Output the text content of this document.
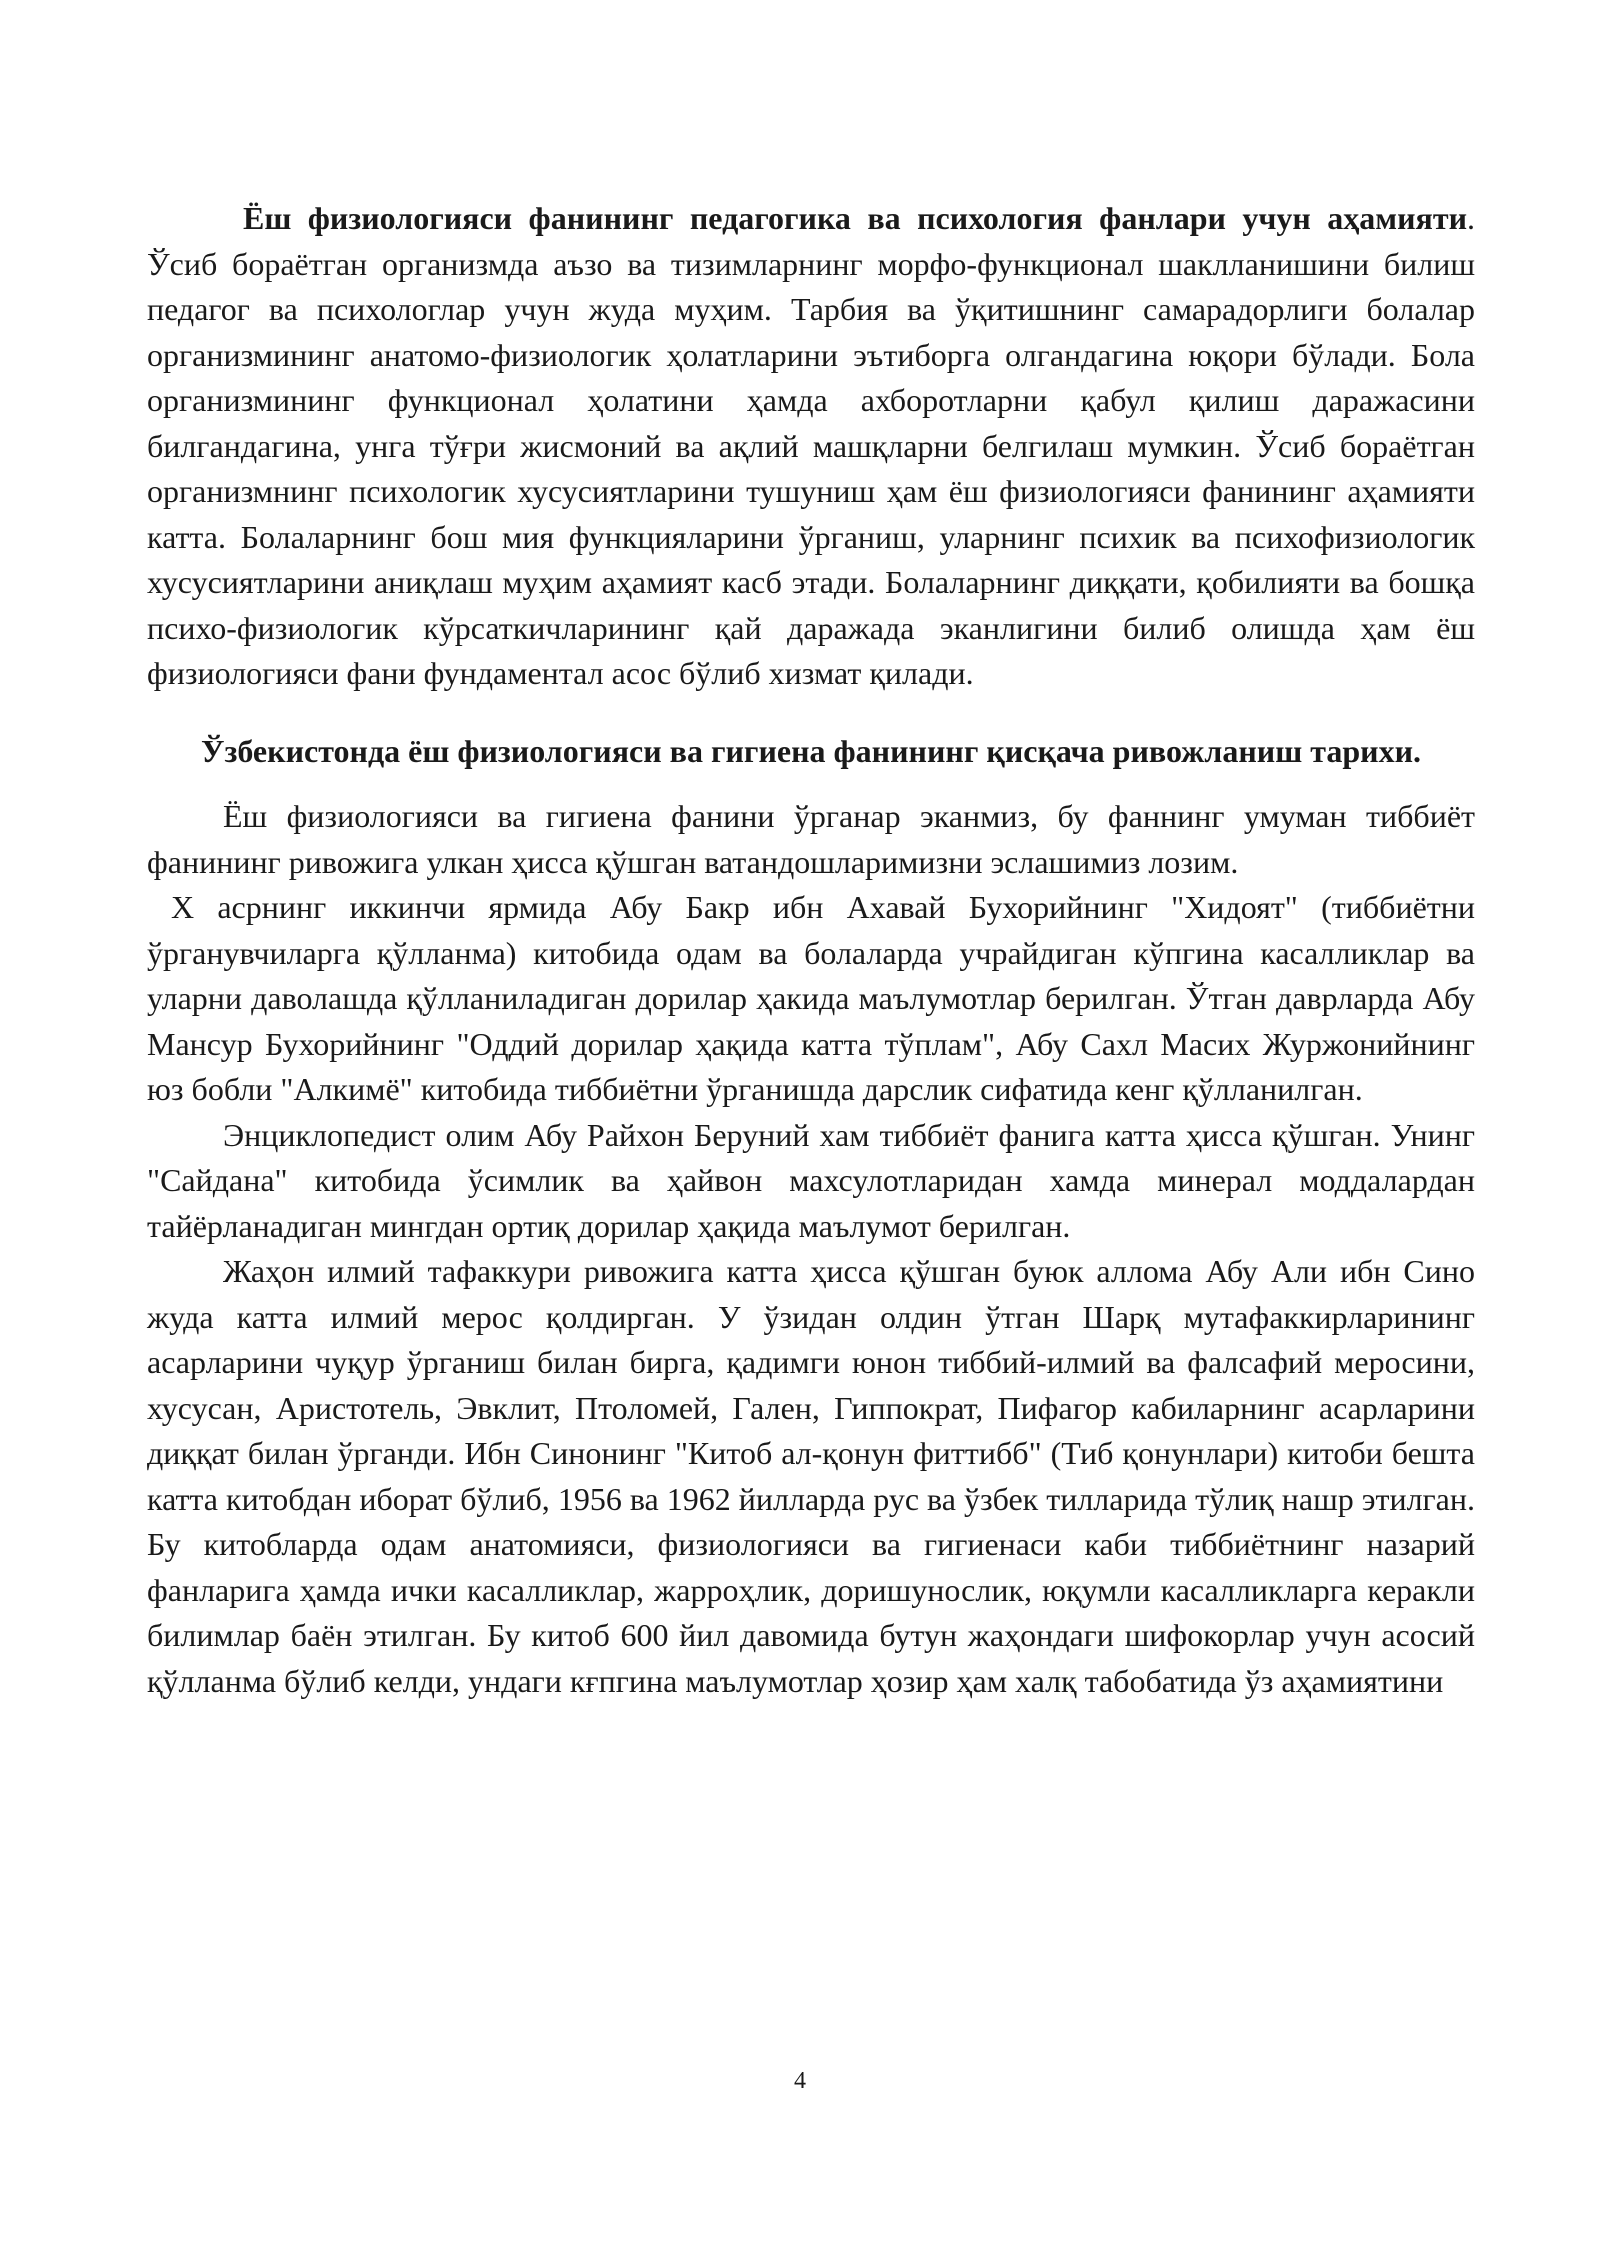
Ёш физиологияси фанининг педагогика ва психология фанлари учун аҳамияти. Ўсиб бораётган организмда аъзо ва тизимларнинг морфо-функционал шаклланишини билиш педагог ва психологлар учун жуда муҳим. Тарбия ва ўқитишнинг самарадорлиги болалар организмининг анатомо-физиологик ҳолатларини эътиборга олгандагина юқори бўлади. Бола организмининг функционал ҳолатини ҳамда ахборотларни қабул қилиш даражасини билгандагина, унга тўғри жисмоний ва ақлий машқларни белгилаш мумкин. Ўсиб бораётган организмнинг психологик хусусиятларини тушуниш ҳам ёш физиологияси фанининг аҳамияти катта. Болаларнинг бош мия функцияларини ўрганиш, уларнинг психик ва психофизиологик хусусиятларини аниқлаш муҳим аҳамият касб этади. Болаларнинг диққати, қобилияти ва бошқа психо-физиологик кўрсаткичларининг қай даражада эканлигини билиб олишда ҳам ёш физиологияси фани фундаментал асос бўлиб хизмат қилади.

Ўзбекистонда ёш физиологияси ва гигиена фанининг қисқача ривожланиш тарихи.

Ёш физиологияси ва гигиена фанини ўрганар эканмиз, бу фаннинг умуман тиббиёт фанининг ривожига улкан ҳисса қўшган ватандошларимизни эслашимиз лозим.

X асрнинг иккинчи ярмида Абу Бакр ибн Ахавай Бухорийнинг "Хидоят" (тиббиётни ўрганувчиларга қўлланма) китобида одам ва болаларда учрайдиган кўпгина касалликлар ва уларни даволашда қўлланиладиган дорилар ҳакида маълумотлар берилган. Ўтган даврларда Абу Мансур Бухорийнинг "Оддий дорилар ҳақида катта тўплам", Абу Сахл Масих Журжонийнинг юз бобли "Алкимё" китобида тиббиётни ўрганишда дарслик сифатида кенг қўлланилган.

Энциклопедист олим Абу Райхон Беруний хам тиббиёт фанига катта ҳисса қўшган. Унинг "Сайдана" китобида ўсимлик ва ҳайвон махсулотларидан хамда минерал моддалардан тайёрланадиган мингдан ортиқ дорилар ҳақида маълумот берилган.

Жаҳон илмий тафаккури ривожига катта ҳисса қўшган буюк аллома Абу Али ибн Сино жуда катта илмий мерос қолдирган. У ўзидан олдин ўтган Шарқ мутафаккирларининг асарларини чуқур ўрганиш билан бирга, қадимги юнон тиббий-илмий ва фалсафий меросини, хусусан, Аристотель, Эвклит, Птоломей, Гален, Гиппократ, Пифагор кабиларнинг асарларини диққат билан ўрганди. Ибн Синонинг "Китоб ал-қонун фиттибб" (Тиб қонунлари) китоби бешта катта китобдан иборат бўлиб, 1956 ва 1962 йилларда рус ва ўзбек тилларида тўлиқ нашр этилган. Бу китобларда одам анатомияси, физиологияси ва гигиенаси каби тиббиётнинг назарий фанларига ҳамда ички касалликлар, жарроҳлик, доришунослик, юқумли касалликларга керакли билимлар баён этилган. Бу китоб 600 йил давомида бутун жаҳондаги шифокорлар учун асосий қўлланма бўлиб келди, ундаги кғпгина маълумотлар ҳозир ҳам халқ табобатида ўз аҳамиятини

4
